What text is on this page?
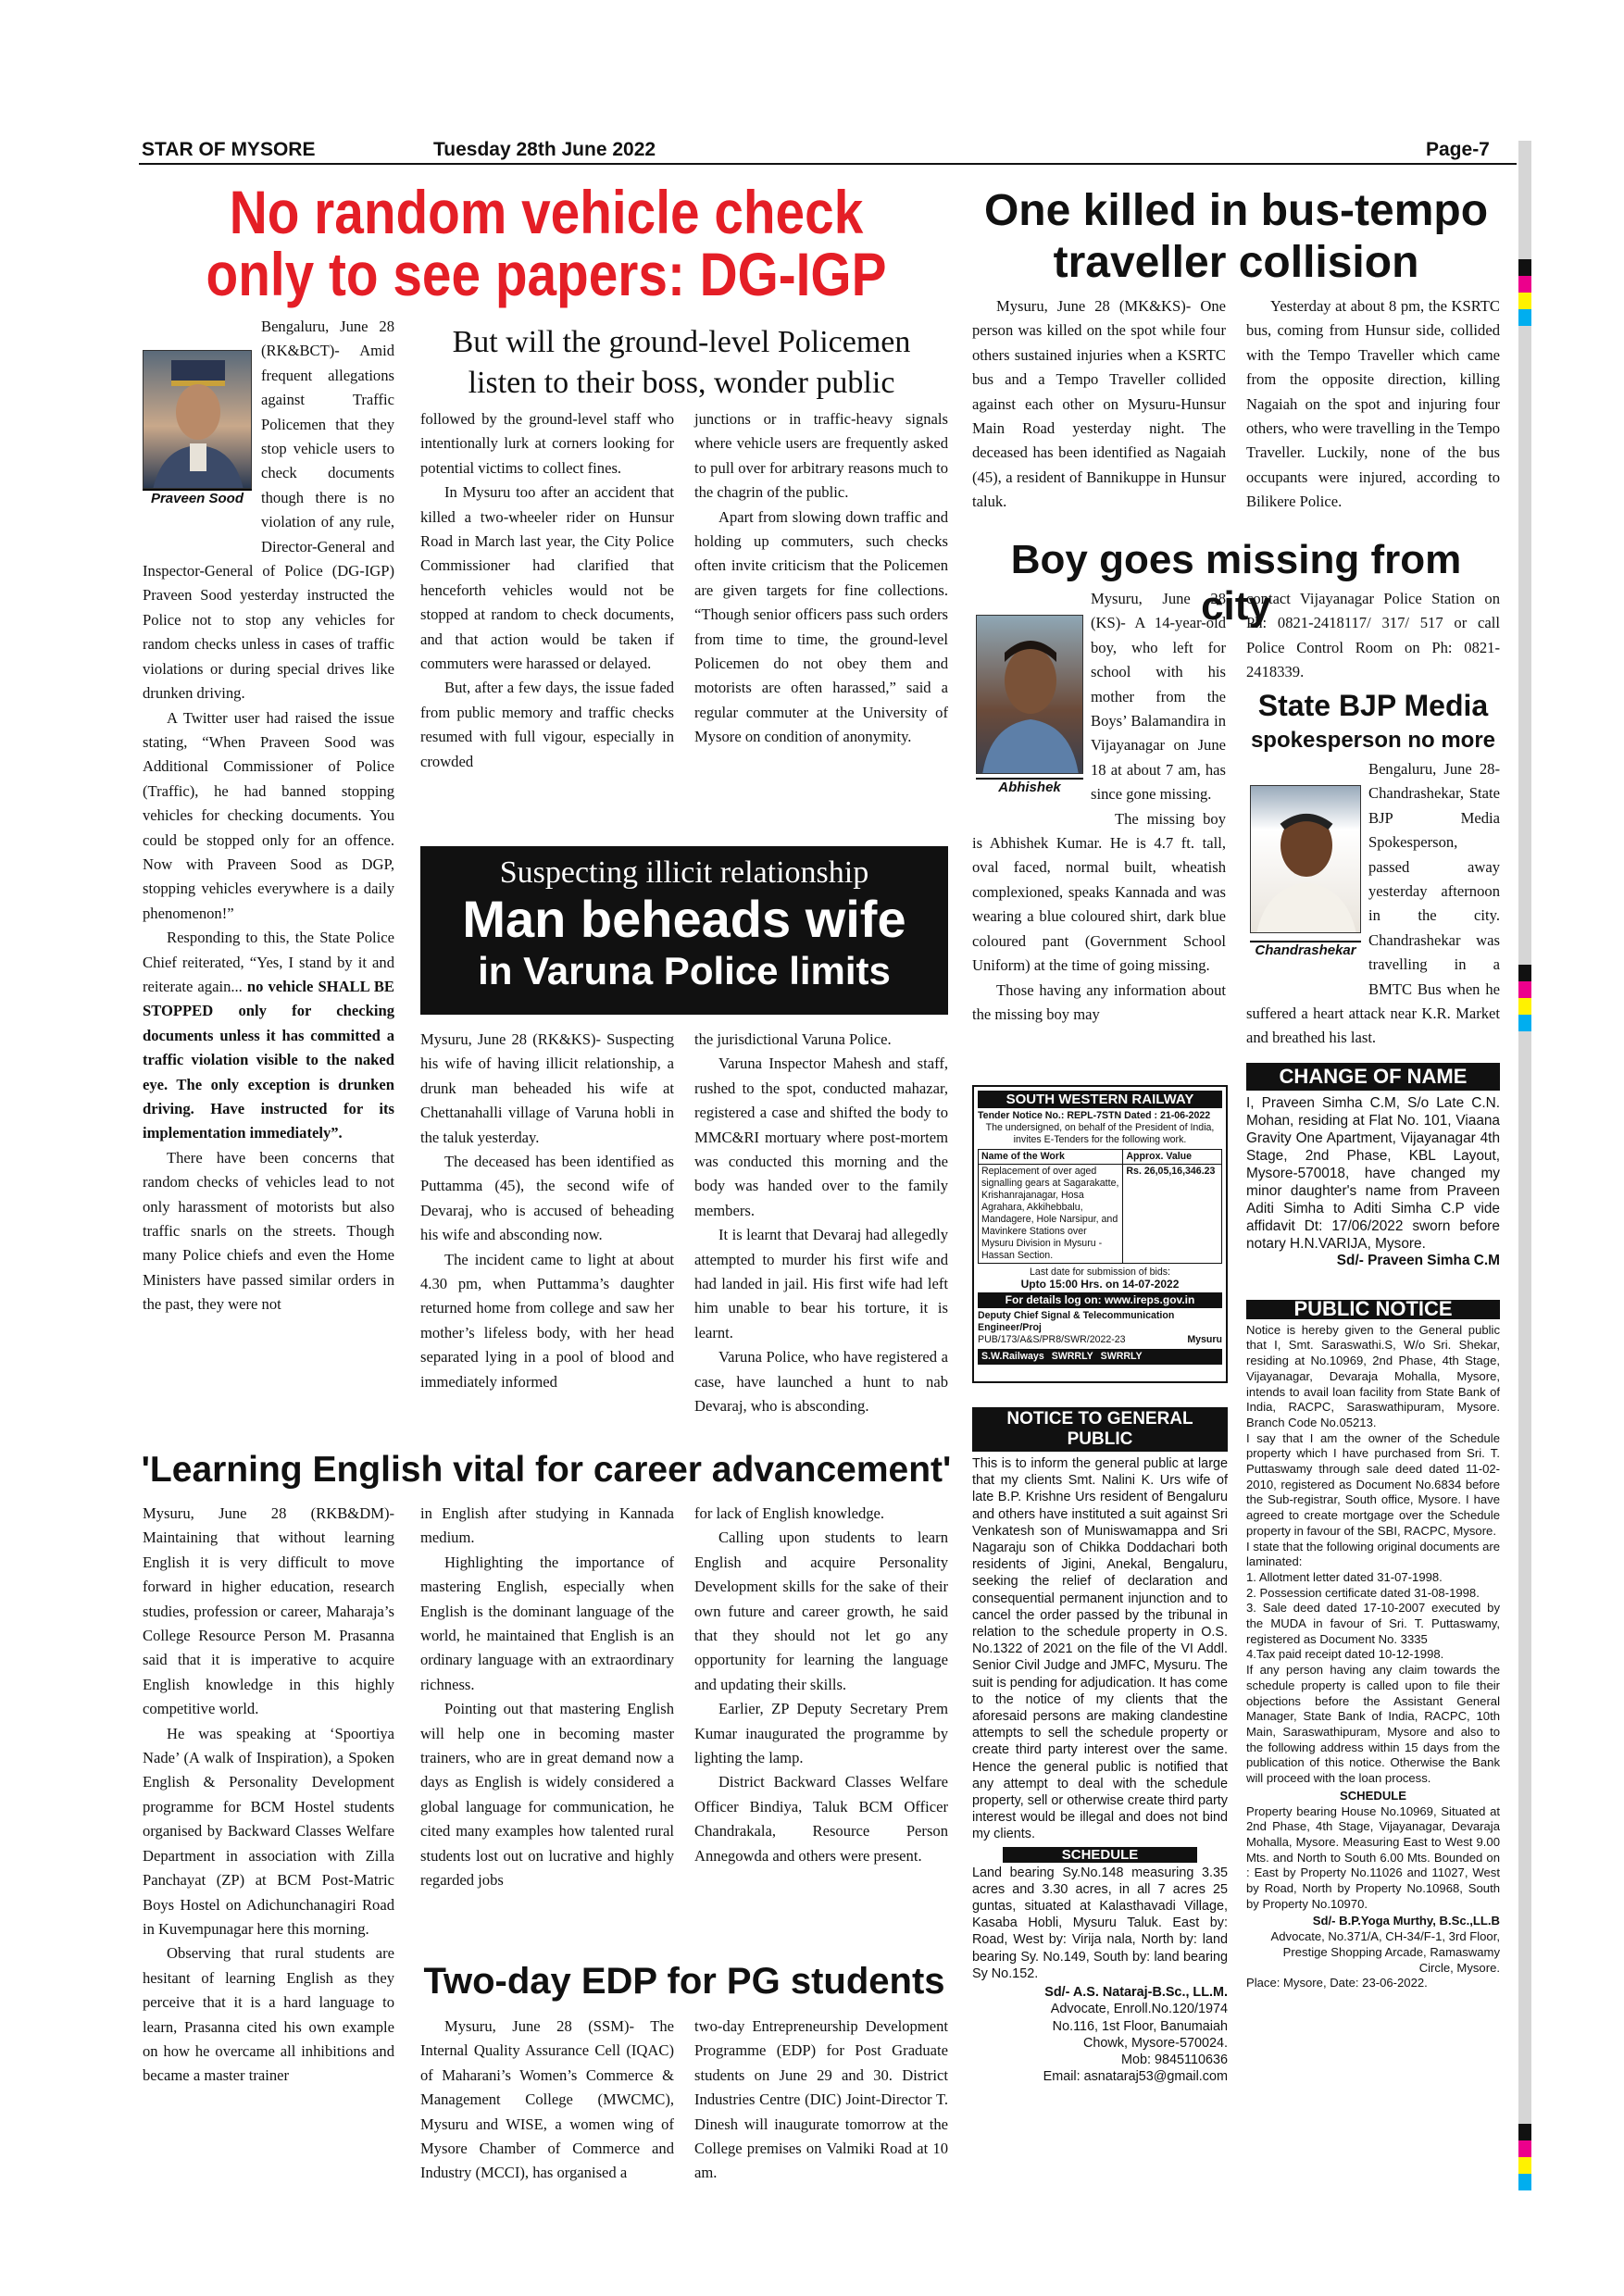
STAR OF MYSORE	Tuesday 28th June 2022	Page-7
No random vehicle check only to see papers: DG-IGP
But will the ground-level Policemen listen to their boss, wonder public
Praveen Sood

Bengaluru, June 28 (RK&BCT)- Amid frequent allegations against Traffic Policemen that they stop vehicle users to check documents though there is no violation of any rule, Director-General and Inspector-General of Police (DG-IGP) Praveen Sood yesterday instructed the Police not to stop any vehicles for random checks unless in cases of traffic violations or during special drives like drunken driving.

A Twitter user had raised the issue stating, “When Praveen Sood was Additional Commissioner of Police (Traffic), he had banned stopping vehicles for checking documents. You could be stopped only for an offence. Now with Praveen Sood as DGP, stopping vehicles everywhere is a daily phenomenon!”

Responding to this, the State Police Chief reiterated, “Yes, I stand by it and reiterate again... no vehicle SHALL BE STOPPED only for checking documents unless it has committed a traffic violation visible to the naked eye. The only exception is drunken driving. Have instructed for its implementation immediately”.

There have been concerns that random checks of vehicles lead to not only harassment of motorists but also traffic snarls on the streets. Though many Police chiefs and even the Home Ministers have passed similar orders in the past, they were not

followed by the ground-level staff who intentionally lurk at corners looking for potential victims to collect fines.

In Mysuru too after an accident that killed a two-wheeler rider on Hunsur Road in March last year, the City Police Commissioner had clarified that henceforth vehicles would not be stopped at random to check documents, and that action would be taken if commuters were harassed or delayed.

But, after a few days, the issue faded from public memory and traffic checks resumed with full vigour, especially in crowded

junctions or in traffic-heavy signals where vehicle users are frequently asked to pull over for arbitrary reasons much to the chagrin of the public.

Apart from slowing down traffic and holding up commuters, such checks often invite criticism that the Policemen are given targets for fine collections. “Though senior officers pass such orders from time to time, the ground-level Policemen do not obey them and motorists are often harassed,” said a regular commuter at the University of Mysore on condition of anonymity.

Suspecting illicit relationship
Man beheads wife
in Varuna Police limits

Mysuru, June 28 (RK&KS)- Suspecting his wife of having illicit relationship, a drunk man beheaded his wife at Chettanahalli village of Varuna hobli in the taluk yesterday.

The deceased has been identified as Puttamma (45), the second wife of Devaraj, who is accused of beheading his wife and absconding now.

The incident came to light at about 4.30 pm, when Puttamma’s daughter returned home from college and saw her mother’s lifeless body, with her head separated lying in a pool of blood and immediately informed

the jurisdictional Varuna Police.

Varuna Inspector Mahesh and staff, rushed to the spot, conducted mahazar, registered a case and shifted the body to MMC&RI mortuary where post-mortem was conducted this morning and the body was handed over to the family members.

It is learnt that Devaraj had allegedly attempted to murder his first wife and had landed in jail. His first wife had left him unable to bear his torture, it is learnt.

Varuna Police, who have registered a case, have launched a hunt to nab Devaraj, who is absconding.

One killed in bus-tempo traveller collision

Mysuru, June 28 (MK&KS)- One person was killed on the spot while four others sustained injuries when a KSRTC bus and a Tempo Traveller collided against each other on Mysuru-Hunsur Main Road yesterday night. The deceased has been identified as Nagaiah (45), a resident of Bannikuppe in Hunsur taluk.

Yesterday at about 8 pm, the KSRTC bus, coming from Hunsur side, collided with the Tempo Traveller which came from the opposite direction, killing Nagaiah on the spot and injuring four others, who were travelling in the Tempo Traveller. Luckily, none of the bus occupants were injured, according to Bilikere Police.

Boy goes missing from city
Abhishek

Mysuru, June 28 (KS)- A 14-year-old boy, who left for school with his mother from the Boys’ Balamandira in Vijayanagar on June 18 at about 7 am, has since gone missing.

The missing boy is Abhishek Kumar. He is 4.7 ft. tall, oval faced, normal built, wheatish complexioned, speaks Kannada and was wearing a blue coloured shirt, dark blue coloured pant (Government School Uniform) at the time of going missing.

Those having any information about the missing boy may

contact Vijayanagar Police Station on Ph: 0821-2418117/ 317/ 517 or call Police Control Room on Ph: 0821-2418339.

State BJP Media
spokesperson no more
Chandrashekar

Bengaluru, June 28- Chandrashekar, State BJP Media Spokesperson, passed away yesterday afternoon in the city. Chandrashekar was travelling in a BMTC Bus when he suffered a heart attack near K.R. Market and breathed his last.

SOUTH WESTERN RAILWAY
Tender Notice No.: REPL-7STN Dated : 21-06-2022
The undersigned, on behalf of the President of India, invites E-Tenders for the following work.
Name of the Work	Approx. Value
Replacement of over aged signalling gears at Sagarakatte, Krishanrajanagar, Hosa Agrahara, Akkihebbalu, Mandagere, Hole Narsipur, and Mavinkere Stations over Mysuru Division in Mysuru - Hassan Section.
Rs. 26,05,16,346.23
Last date for submission of bids:
Upto 15:00 Hrs. on 14-07-2022
For details log on: www.ireps.gov.in
Deputy Chief Signal & Telecommunication Engineer/Proj
PUB/173/A&S/PR8/SWR/2022-23	Mysuru
S.W.Railways SWRRLY SWRRLY
NOTICE TO GENERAL PUBLIC
This is to inform the general public at large that my clients Smt. Nalini K. Urs wife of late B.P. Krishne Urs resident of Bengaluru and others have instituted a suit against Sri Venkatesh son of Muniswamappa and Sri Nagaraju son of Chikka Doddachari both residents of Jigini, Anekal, Bengaluru, seeking the relief of declaration and consequential permanent injunction and to cancel the order passed by the tribunal in relation to the schedule property in O.S. No.1322 of 2021 on the file of the VI Addl. Senior Civil Judge and JMFC, Mysuru. The suit is pending for adjudication. It has come to the notice of my clients that the aforesaid persons are making clandestine attempts to sell the schedule property or create third party interest over the same. Hence the general public is notified that any attempt to deal with the schedule property, sell or otherwise create third party interest would be illegal and does not bind my clients.
SCHEDULE
Land bearing Sy.No.148 measuring 3.35 acres and 3.30 acres, in all 7 acres 25 guntas, situated at Kalasthavadi Village, Kasaba Hobli, Mysuru Taluk. East by: Road, West by: Virija nala, North by: land bearing Sy. No.149, South by: land bearing Sy No.152.
Sd/- A.S. Nataraj-B.Sc., LL.M.
Advocate, Enroll.No.120/1974
No.116, 1st Floor, Banumaiah
Chowk, Mysore-570024.
Mob: 9845110636
Email: asnataraj53@gmail.com
CHANGE OF NAME
I, Praveen Simha C.M, S/o Late C.N. Mohan, residing at Flat No. 101, Viaana Gravity One Apartment, Vijayanagar 4th Stage, 2nd Phase, KBL Layout, Mysore-570018, have changed my minor daughter's name from Praveen Aditi Simha to Aditi Simha C.P vide affidavit Dt: 17/06/2022 sworn before notary H.N.VARIJA, Mysore.
Sd/- Praveen Simha C.M
PUBLIC NOTICE

Notice is hereby given to the General public that I, Smt. Saraswathi.S, W/o Sri. Shekar, residing at No.10969, 2nd Phase, 4th Stage, Vijayanagar, Devaraja Mohalla, Mysore, intends to avail loan facility from State Bank of India, RACPC, Saraswathipuram, Mysore. Branch Code No.05213.

I say that I am the owner of the Schedule property which I have purchased from Sri. T. Puttaswamy through sale deed dated 11-02-2010, registered as Document No.6834 before the Sub-registrar, South office, Mysore. I have agreed to create mortgage over the Schedule property in favour of the SBI, RACPC, Mysore.

I state that the following original documents are laminated:

1. Allotment letter dated 31-07-1998.

2. Possession certificate dated 31-08-1998.

3. Sale deed dated 17-10-2007 executed by the MUDA in favour of Sri. T. Puttaswamy, registered as Document No. 3335

4.Tax paid receipt dated 10-12-1998.

If any person having any claim towards the schedule property is called upon to file their objections before the Assistant General Manager, State Bank of India, RACPC, 10th Main, Saraswathipuram, Mysore and also to the following address within 15 days from the publication of this notice. Otherwise the Bank will proceed with the loan process.

SCHEDULE

Property bearing House No.10969, Situated at 2nd Phase, 4th Stage, Vijayanagar, Devaraja Mohalla, Mysore. Measuring East to West 9.00 Mts. and North to South 6.00 Mts. Bounded on : East by Property No.11026 and 11027, West by Road, North by Property No.10968, South by Property No.10970.

Sd/- B.P.Yoga Murthy, B.Sc.,LL.B

Advocate, No.371/A, CH-34/F-1, 3rd Floor, Prestige Shopping Arcade, Ramaswamy Circle, Mysore.

Place: Mysore, Date: 23-06-2022.

'Learning English vital for career advancement'

Mysuru, June 28 (RKB&DM)- Maintaining that without learning English it is very difficult to move forward in higher education, research studies, profession or career, Maharaja’s College Resource Person M. Prasanna said that it is imperative to acquire English knowledge in this highly competitive world.

He was speaking at ‘Spoortiya Nade’ (A walk of Inspiration), a Spoken English & Personality Development programme for BCM Hostel students organised by Backward Classes Welfare Department in association with Zilla Panchayat (ZP) at BCM Post-Matric Boys Hostel on Adichunchanagiri Road in Kuvempunagar here this morning.

Observing that rural students are hesitant of learning English as they perceive that it is a hard language to learn, Prasanna cited his own example on how he overcame all inhibitions and became a master trainer

in English after studying in Kannada medium.

Highlighting the importance of mastering English, especially when English is the dominant language of the world, he maintained that English is an ordinary language with an extraordinary richness.

Pointing out that mastering English will help one in becoming master trainers, who are in great demand now a days as English is widely considered a global language for communication, he cited many examples how talented rural students lost out on lucrative and highly regarded jobs

for lack of English knowledge.

Calling upon students to learn English and acquire Personality Development skills for the sake of their own future and career growth, he said that they should not let go any opportunity for learning the language and updating their skills.

Earlier, ZP Deputy Secretary Prem Kumar inaugurated the programme by lighting the lamp.

District Backward Classes Welfare Officer Bindiya, Taluk BCM Officer Chandrakala, Resource Person Annegowda and others were present.

Two-day EDP for PG students

Mysuru, June 28 (SSM)- The Internal Quality Assurance Cell (IQAC) of Maharani’s Women’s Commerce & Management College (MWCMC), Mysuru and WISE, a women wing of Mysore Chamber of Commerce and Industry (MCCI), has organised a

two-day Entrepreneurship Development Programme (EDP) for Post Graduate students on June 29 and 30. District Industries Centre (DIC) Joint-Director T. Dinesh will inaugurate tomorrow at the College premises on Valmiki Road at 10 am.
